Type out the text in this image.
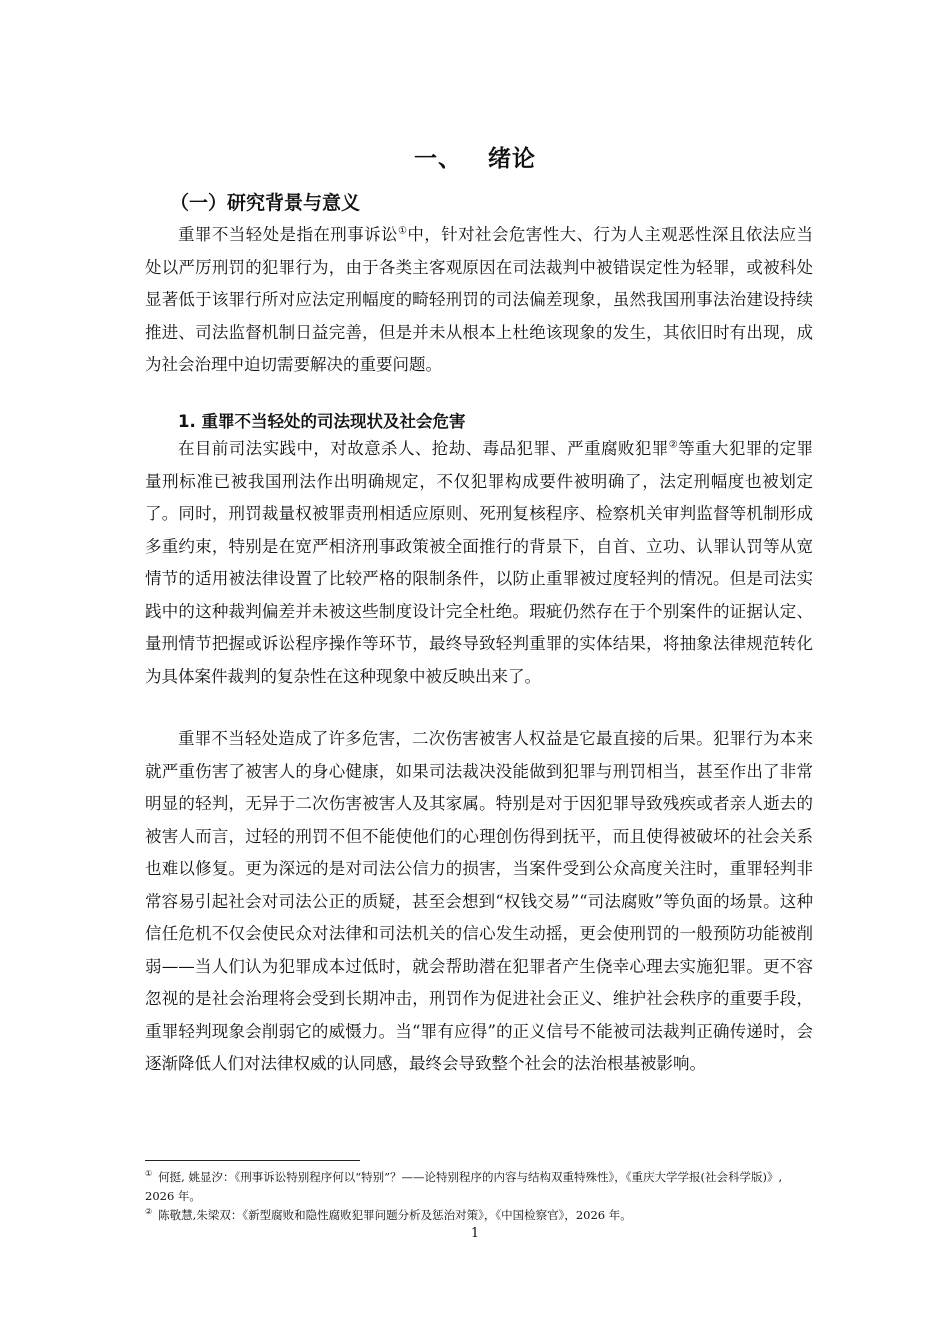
一、 绪论
（一）研究背景与意义

重罪不当轻处是指在刑事诉讼①中，针对社会危害性大、行为人主观恶性深且依法应当处以严厉刑罚的犯罪行为，由于各类主客观原因在司法裁判中被错误定性为轻罪，或被科处显著低于该罪行所对应法定刑幅度的畸轻刑罚的司法偏差现象，虽然我国刑事法治建设持续推进、司法监督机制日益完善，但是并未从根本上杜绝该现象的发生，其依旧时有出现，成为社会治理中迫切需要解决的重要问题。

1. 重罪不当轻处的司法现状及社会危害

在目前司法实践中，对故意杀人、抢劫、毒品犯罪、严重腐败犯罪②等重大犯罪的定罪量刑标准已被我国刑法作出明确规定，不仅犯罪构成要件被明确了，法定刑幅度也被划定了。同时，刑罚裁量权被罪责刑相适应原则、死刑复核程序、检察机关审判监督等机制形成多重约束，特别是在宽严相济刑事政策被全面推行的背景下，自首、立功、认罪认罚等从宽情节的适用被法律设置了比较严格的限制条件，以防止重罪被过度轻判的情况。但是司法实践中的这种裁判偏差并未被这些制度设计完全杜绝。瑕疵仍然存在于个别案件的证据认定、量刑情节把握或诉讼程序操作等环节，最终导致轻判重罪的实体结果，将抽象法律规范转化为具体案件裁判的复杂性在这种现象中被反映出来了。

重罪不当轻处造成了许多危害，二次伤害被害人权益是它最直接的后果。犯罪行为本来就严重伤害了被害人的身心健康，如果司法裁决没能做到犯罪与刑罚相当，甚至作出了非常明显的轻判，无异于二次伤害被害人及其家属。特别是对于因犯罪导致残疾或者亲人逝去的被害人而言，过轻的刑罚不但不能使他们的心理创伤得到抚平，而且使得被破坏的社会关系也难以修复。更为深远的是对司法公信力的损害，当案件受到公众高度关注时，重罪轻判非常容易引起社会对司法公正的质疑，甚至会想到“权钱交易”“司法腐败”等负面的场景。这种信任危机不仅会使民众对法律和司法机关的信心发生动摇，更会使刑罚的一般预防功能被削弱——当人们认为犯罪成本过低时，就会帮助潜在犯罪者产生侥幸心理去实施犯罪。更不容忽视的是社会治理将会受到长期冲击，刑罚作为促进社会正义、维护社会秩序的重要手段，重罪轻判现象会削弱它的威慑力。当“罪有应得”的正义信号不能被司法裁判正确传递时，会逐渐降低人们对法律权威的认同感，最终会导致整个社会的法治根基被影响。

① 何挺, 姚显汐：《刑事诉讼特别程序何以“特别”？——论特别程序的内容与结构双重特殊性》，《重庆大学学报(社会科学版)》, 2026 年。

② 陈敬慧,朱梁双：《新型腐败和隐性腐败犯罪问题分析及惩治对策》，《中国检察官》，2026 年。

1
